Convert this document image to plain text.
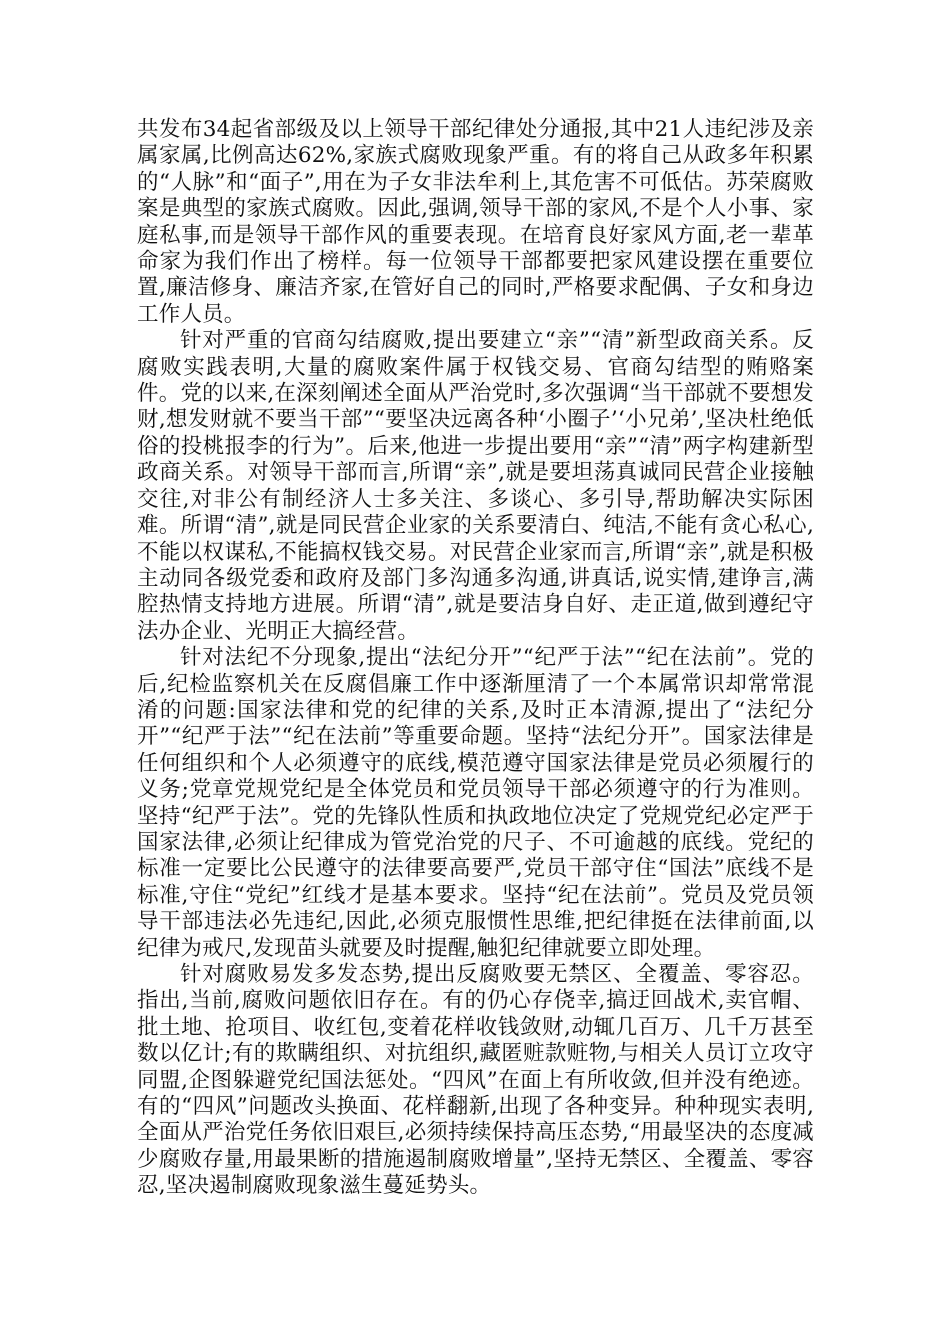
共发布34起省部级及以上领导干部纪律处分通报,其中21人违纪涉及亲属家属,比例高达62%,家族式腐败现象严重。有的将自己从政多年积累的“人脉”和“面子”,用在为子女非法牟利上,其危害不可低估。苏荣腐败案是典型的家族式腐败。因此,强调,领导干部的家风,不是个人小事、家庭私事,而是领导干部作风的重要表现。在培育良好家风方面,老一辈革命家为我们作出了榜样。每一位领导干部都要把家风建设摆在重要位置,廉洁修身、廉洁齐家,在管好自己的同时,严格要求配偶、子女和身边工作人员。

针对严重的官商勾结腐败,提出要建立“亲”“清”新型政商关系。反腐败实践表明,大量的腐败案件属于权钱交易、官商勾结型的贿赂案件。党的以来,在深刻阐述全面从严治党时,多次强调“当干部就不要想发财,想发财就不要当干部”“要坚决远离各种‘小圈子’‘小兄弟’,坚决杜绝低俗的投桃报李的行为”。后来,他进一步提出要用“亲”“清”两字构建新型政商关系。对领导干部而言,所谓“亲”,就是要坦荡真诚同民营企业接触交往,对非公有制经济人士多关注、多谈心、多引导,帮助解决实际困难。所谓“清”,就是同民营企业家的关系要清白、纯洁,不能有贪心私心,不能以权谋私,不能搞权钱交易。对民营企业家而言,所谓“亲”,就是积极主动同各级党委和政府及部门多沟通多沟通,讲真话,说实情,建诤言,满腔热情支持地方进展。所谓“清”,就是要洁身自好、走正道,做到遵纪守法办企业、光明正大搞经营。

针对法纪不分现象,提出“法纪分开”“纪严于法”“纪在法前”。党的后,纪检监察机关在反腐倡廉工作中逐渐厘清了一个本属常识却常常混淆的问题:国家法律和党的纪律的关系,及时正本清源,提出了“法纪分开”“纪严于法”“纪在法前”等重要命题。坚持“法纪分开”。国家法律是任何组织和个人必须遵守的底线,模范遵守国家法律是党员必须履行的义务;党章党规党纪是全体党员和党员领导干部必须遵守的行为准则。坚持“纪严于法”。党的先锋队性质和执政地位决定了党规党纪必定严于国家法律,必须让纪律成为管党治党的尺子、不可逾越的底线。党纪的标准一定要比公民遵守的法律要高要严,党员干部守住“国法”底线不是标准,守住“党纪”红线才是基本要求。坚持“纪在法前”。党员及党员领导干部违法必先违纪,因此,必须克服惯性思维,把纪律挺在法律前面,以纪律为戒尺,发现苗头就要及时提醒,触犯纪律就要立即处理。

针对腐败易发多发态势,提出反腐败要无禁区、全覆盖、零容忍。指出,当前,腐败问题依旧存在。有的仍心存侥幸,搞迂回战术,卖官帽、批土地、抢项目、收红包,变着花样收钱敛财,动辄几百万、几千万甚至数以亿计;有的欺瞒组织、对抗组织,藏匿赃款赃物,与相关人员订立攻守同盟,企图躲避党纪国法惩处。“四风”在面上有所收敛,但并没有绝迹。有的“四风”问题改头换面、花样翻新,出现了各种变异。种种现实表明,全面从严治党任务依旧艰巨,必须持续保持高压态势,“用最坚决的态度减少腐败存量,用最果断的措施遏制腐败增量”,坚持无禁区、全覆盖、零容忍,坚决遏制腐败现象滋生蔓延势头。
